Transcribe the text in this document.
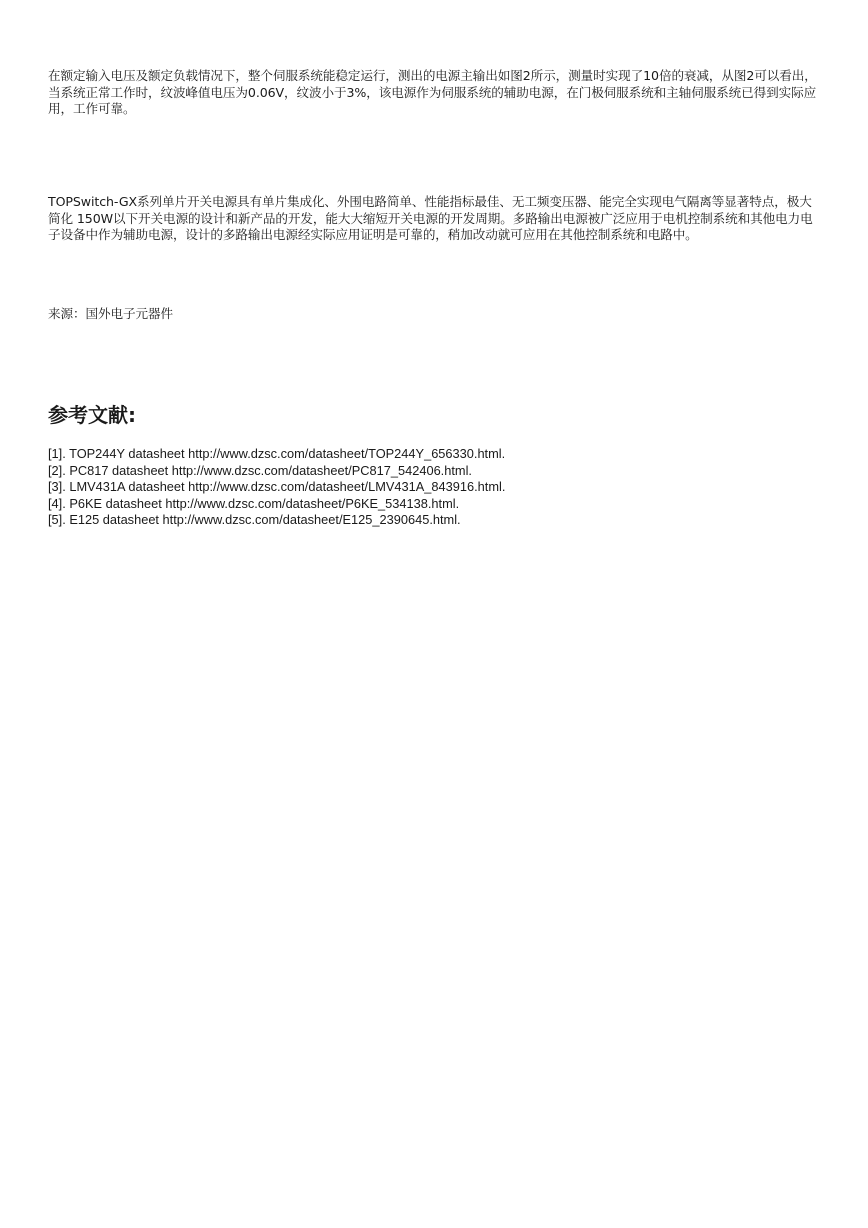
在额定输入电压及额定负载情况下，整个伺服系统能稳定运行，测出的电源主输出如图2所示，测量时实现了10倍的衰减，从图2可以看出，当系统正常工作时，纹波峰值电压为0.06V，纹波小于3%，该电源作为伺服系统的辅助电源，在门极伺服系统和主轴伺服系统已得到实际应用，工作可靠。

TOPSwitch-GX系列单片开关电源具有单片集成化、外围电路简单、性能指标最佳、无工频变压器、能完全实现电气隔离等显著特点，极大简化 150W以下开关电源的设计和新产品的开发，能大大缩短开关电源的开发周期。多路输出电源被广泛应用于电机控制系统和其他电力电子设备中作为辅助电源，设计的多路输出电源经实际应用证明是可靠的，稍加改动就可应用在其他控制系统和电路中。

来源：国外电子元器件

参考文献:
[1]. TOP244Y datasheet http://www.dzsc.com/datasheet/TOP244Y_656330.html.
[2]. PC817 datasheet http://www.dzsc.com/datasheet/PC817_542406.html.
[3]. LMV431A datasheet http://www.dzsc.com/datasheet/LMV431A_843916.html.
[4]. P6KE datasheet http://www.dzsc.com/datasheet/P6KE_534138.html.
[5]. E125 datasheet http://www.dzsc.com/datasheet/E125_2390645.html.
